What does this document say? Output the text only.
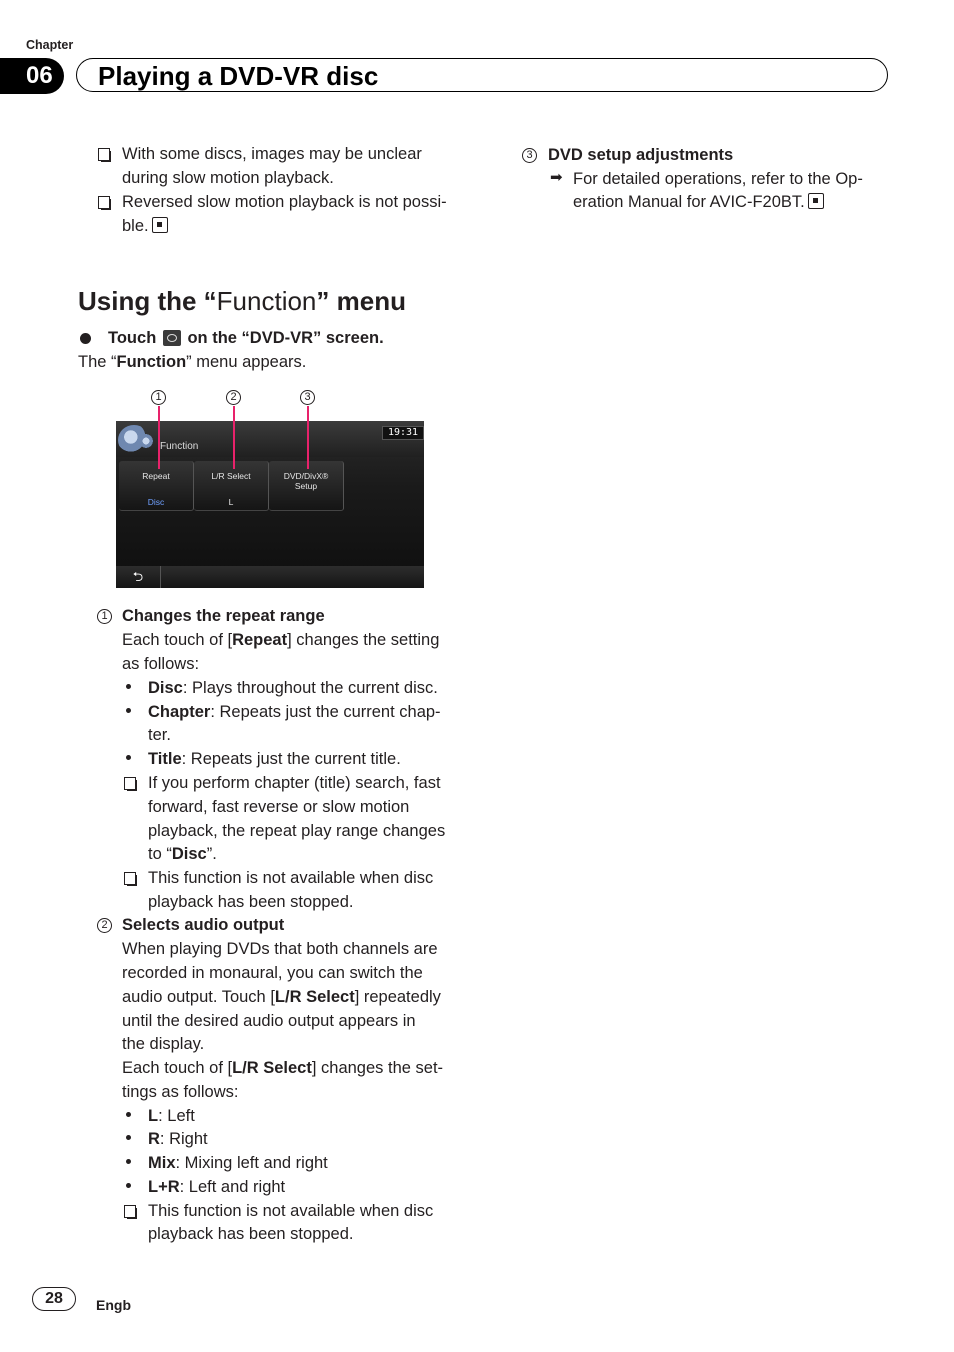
Chapter
06	Playing a DVD-VR disc
With some discs, images may be unclear
during slow motion playback.
Reversed slow motion playback is not possi-
ble.
Using the “Function” menu
Touch on the “DVD-VR” screen.
The “Function” menu appears.
1	2	3
Function
19:31
Repeat
Disc
L/R Select
L
DVD/DivX®
Setup
⮌
1 Changes the repeat range
Each touch of [Repeat] changes the setting
as follows:
Disc: Plays throughout the current disc.
Chapter: Repeats just the current chap-
ter.
Title: Repeats just the current title.
If you perform chapter (title) search, fast
forward, fast reverse or slow motion
playback, the repeat play range changes
to “Disc”.
This function is not available when disc
playback has been stopped.
2 Selects audio output
When playing DVDs that both channels are
recorded in monaural, you can switch the
audio output. Touch [L/R Select] repeatedly
until the desired audio output appears in
the display.
Each touch of [L/R Select] changes the set-
tings as follows:
L: Left
R: Right
Mix: Mixing left and right
L+R: Left and right
This function is not available when disc
playback has been stopped.
3 DVD setup adjustments
➡ For detailed operations, refer to the Op-
eration Manual for AVIC-F20BT.
28	Engb
